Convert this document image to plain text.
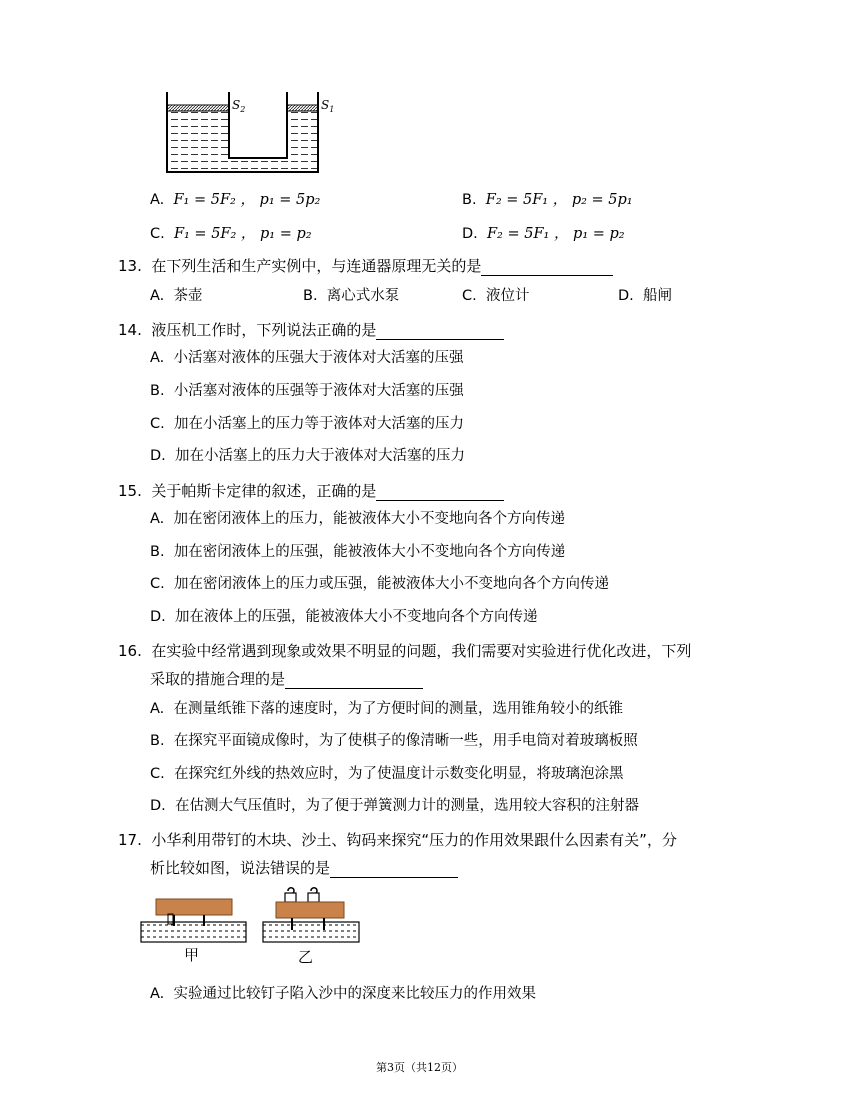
$S_2$	$S_1$
A. F₁ = 5F₂ ， p₁ = 5p₂	B. F₂ = 5F₁ ， p₂ = 5p₁
C. F₁ = 5F₂ ， p₁ = p₂	D. F₂ = 5F₁ ， p₁ = p₂
13. 在下列生活和生产实例中，与连通器原理无关的是
A. 茶壶	B. 离心式水泵	C. 液位计	D. 船闸
14. 液压机工作时，下列说法正确的是
A. 小活塞对液体的压强大于液体对大活塞的压强
B. 小活塞对液体的压强等于液体对大活塞的压强
C. 加在小活塞上的压力等于液体对大活塞的压力
D. 加在小活塞上的压力大于液体对大活塞的压力
15. 关于帕斯卡定律的叙述，正确的是
A. 加在密闭液体上的压力，能被液体大小不变地向各个方向传递
B. 加在密闭液体上的压强，能被液体大小不变地向各个方向传递
C. 加在密闭液体上的压力或压强，能被液体大小不变地向各个方向传递
D. 加在液体上的压强，能被液体大小不变地向各个方向传递
16. 在实验中经常遇到现象或效果不明显的问题，我们需要对实验进行优化改进，下列
采取的措施合理的是
A. 在测量纸锥下落的速度时，为了方便时间的测量，选用锥角较小的纸锥
B. 在探究平面镜成像时，为了使棋子的像清晰一些，用手电筒对着玻璃板照
C. 在探究红外线的热效应时，为了使温度计示数变化明显，将玻璃泡涂黑
D. 在估测大气压值时，为了便于弹簧测力计的测量，选用较大容积的注射器
17. 小华利用带钉的木块、沙土、钩码来探究“压力的作用效果跟什么因素有关”，分
析比较如图，说法错误的是
甲	乙
A. 实验通过比较钉子陷入沙中的深度来比较压力的作用效果
第3页（共12页）
